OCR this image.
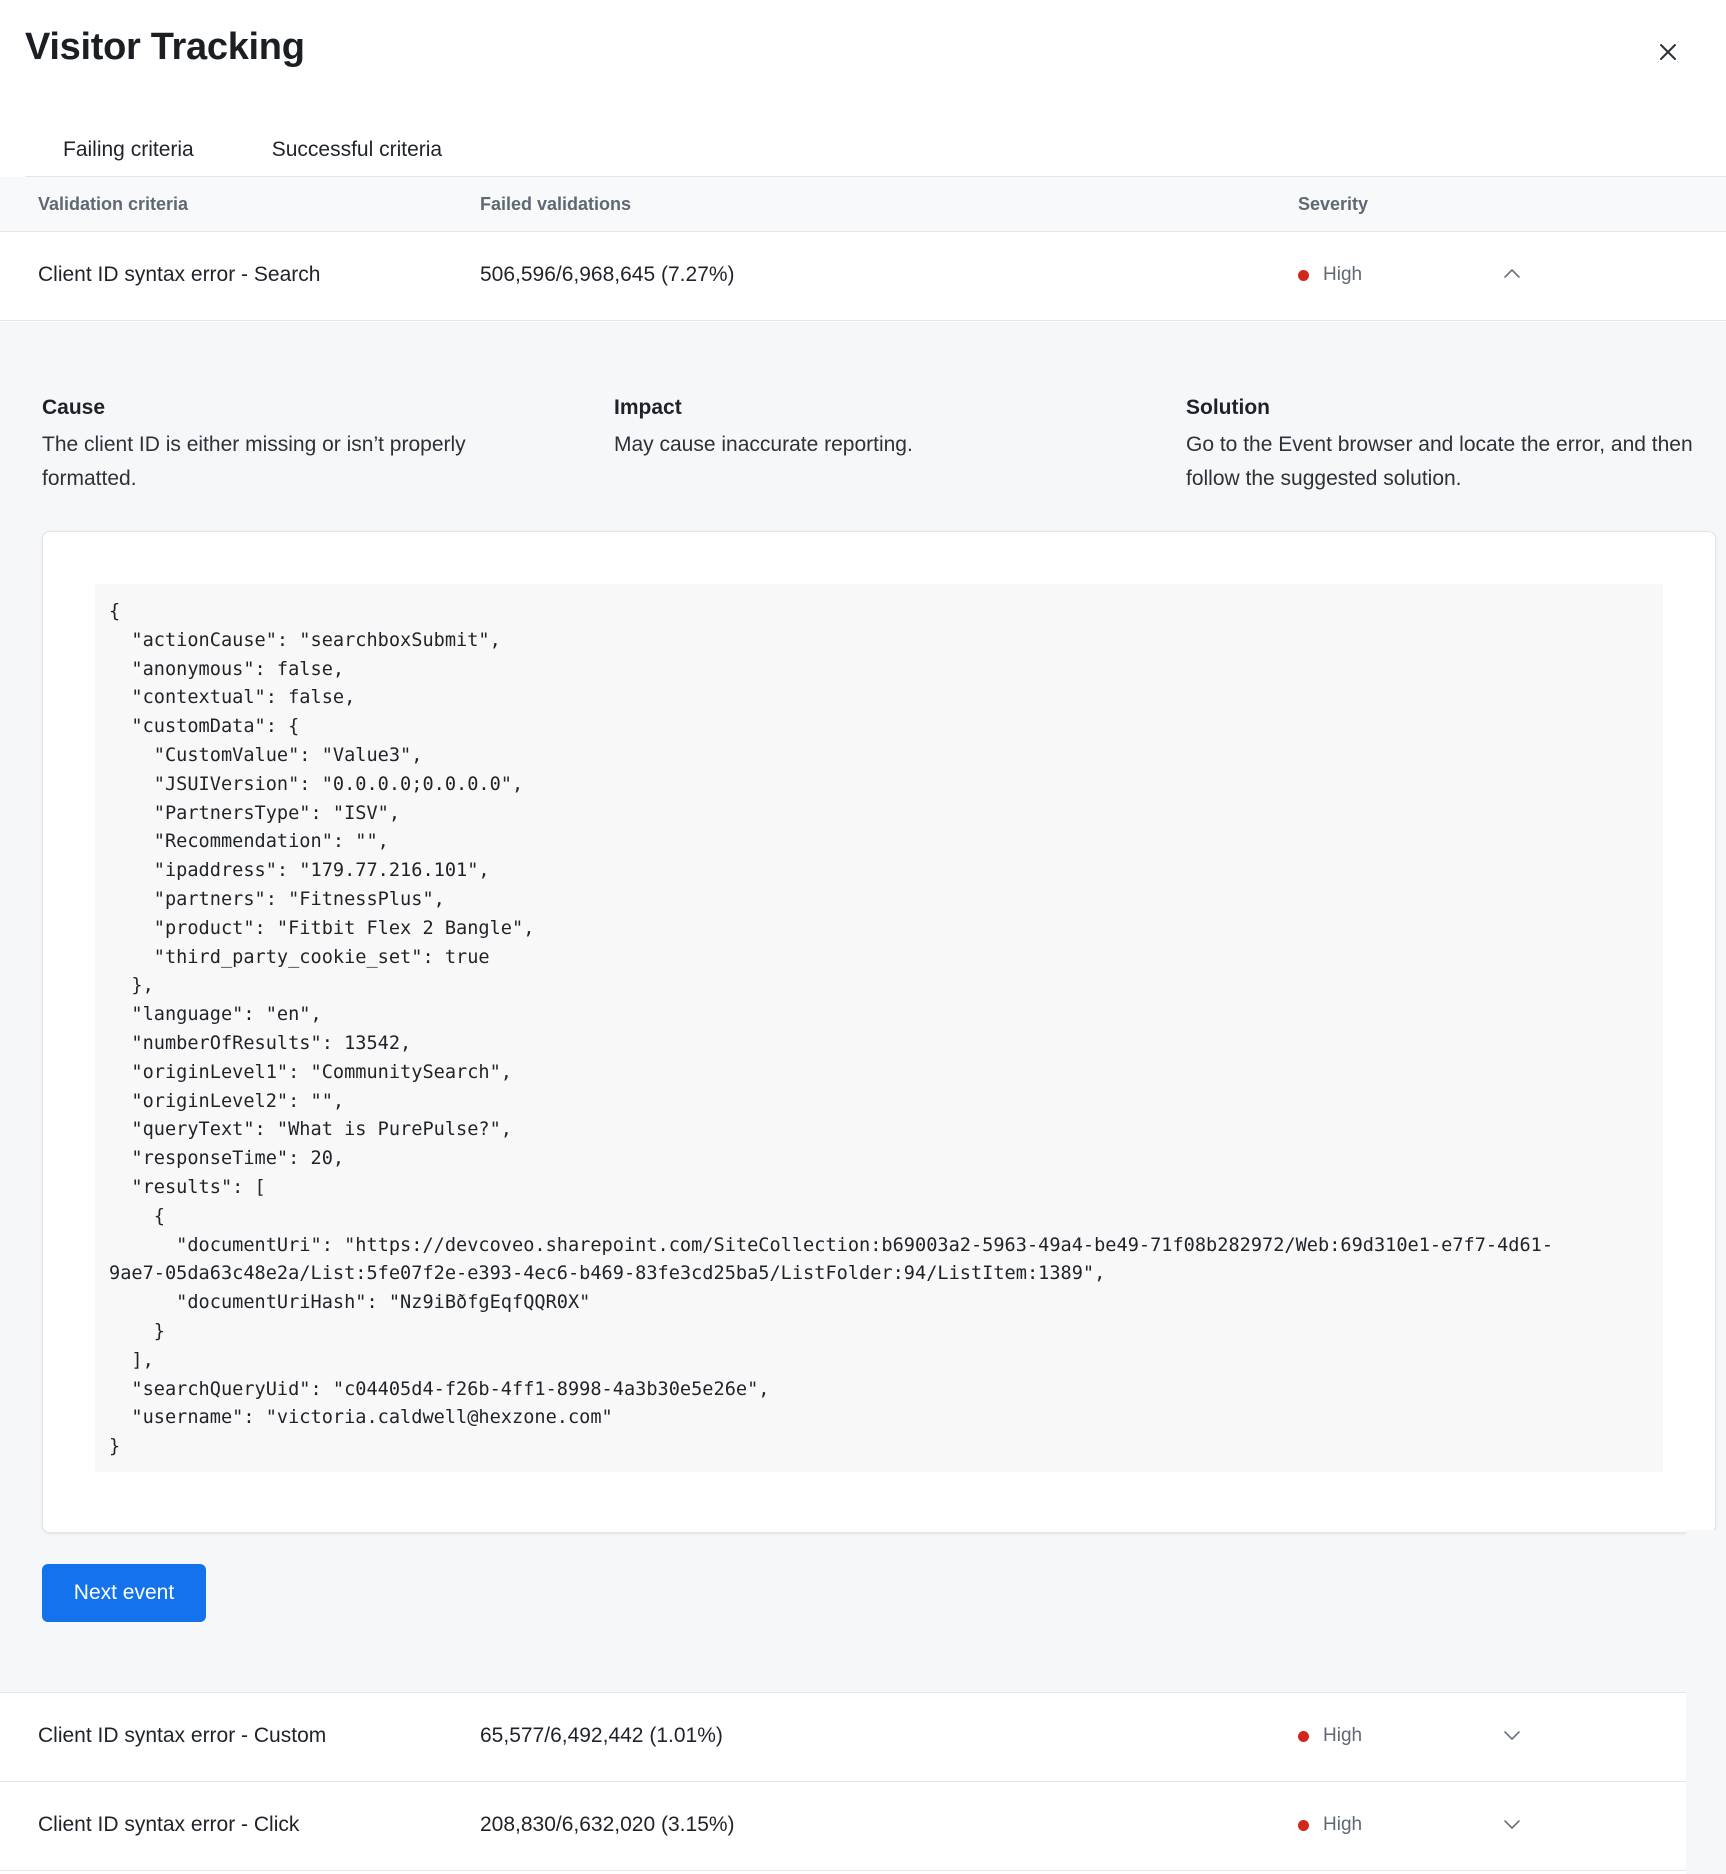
Visitor Tracking
Failing criteria	Successful criteria
Validation criteria	Failed validations	Severity
Client ID syntax error - Search	506,596/6,968,645 (7.27%)	High
Cause
The client ID is either missing or isn’t properly formatted.
Impact
May cause inaccurate reporting.
Solution
Go to the Event browser and locate the error, and then follow the suggested solution.
{
"actionCause": "searchboxSubmit",
"anonymous": false,
"contextual": false,
"customData": {
"CustomValue": "Value3",
"JSUIVersion": "0.0.0.0;0.0.0.0",
"PartnersType": "ISV",
"Recommendation": "",
"ipaddress": "179.77.216.101",
"partners": "FitnessPlus",
"product": "Fitbit Flex 2 Bangle",
"third_party_cookie_set": true
},
"language": "en",
"numberOfResults": 13542,
"originLevel1": "CommunitySearch",
"originLevel2": "",
"queryText": "What is PurePulse?",
"responseTime": 20,
"results": [
{
"documentUri": "https://devcoveo.sharepoint.com/SiteCollection:b69003a2-5963-49a4-be49-71f08b282972/Web:69d310e1-e7f7-4d61-
9ae7-05da63c48e2a/List:5fe07f2e-e393-4ec6-b469-83fe3cd25ba5/ListFolder:94/ListItem:1389",
"documentUriHash": "Nz9iBðfgEqfQQR0X"
}
],
"searchQueryUid": "c04405d4-f26b-4ff1-8998-4a3b30e5e26e",
"username": "victoria.caldwell@hexzone.com"
}
Next event
Client ID syntax error - Custom	65,577/6,492,442 (1.01%)	High
Client ID syntax error - Click	208,830/6,632,020 (3.15%)	High
